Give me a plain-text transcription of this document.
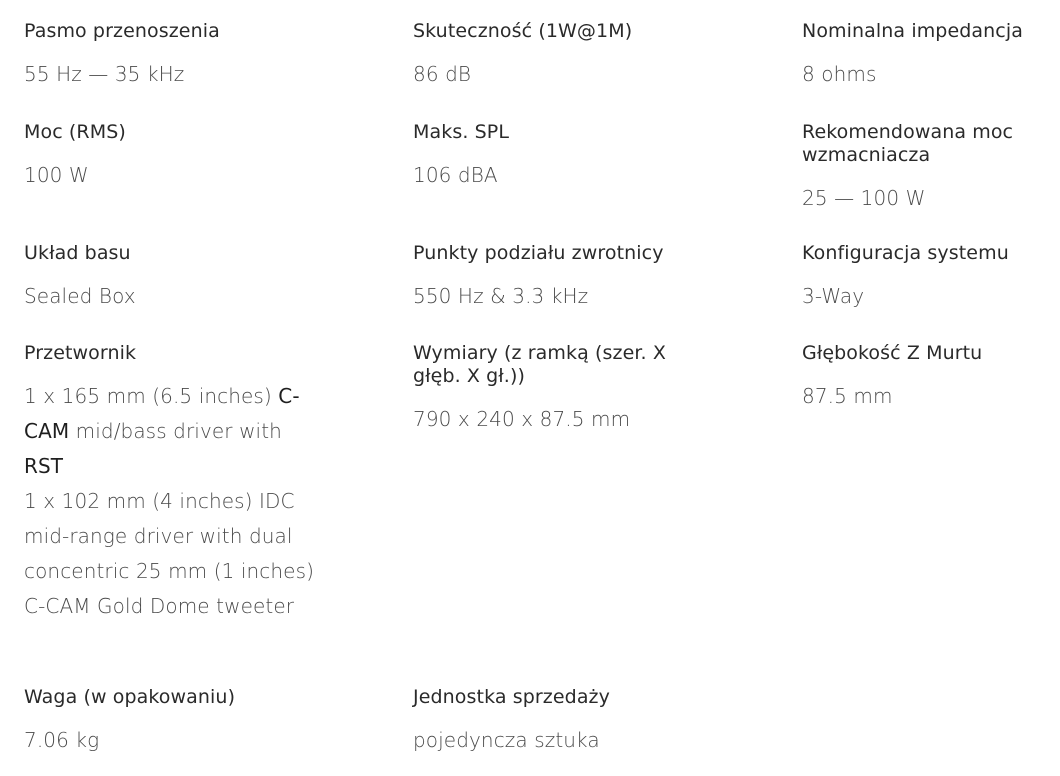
Pasmo przenoszenia
55 Hz — 35 kHz
Skuteczność (1W@1M)
86 dB
Nominalna impedancja
8 ohms
Moc (RMS)
100 W
Maks. SPL
106 dBA
Rekomendowana moc wzmacniacza
25 — 100 W
Układ basu
Sealed Box
Punkty podziału zwrotnicy
550 Hz & 3.3 kHz
Konfiguracja systemu
3-Way
Przetwornik
1 x 165 mm (6.5 inches) C-CAM mid/bass driver with RST
1 x 102 mm (4 inches) IDC mid-range driver with dual concentric 25 mm (1 inches) C-CAM Gold Dome tweeter
Wymiary (z ramką (szer. X głęb. X gł.))
790 x 240 x 87.5 mm
Głębokość Z Murtu
87.5 mm
Waga (w opakowaniu)
7.06 kg
Jednostka sprzedaży
pojedyncza sztuka
